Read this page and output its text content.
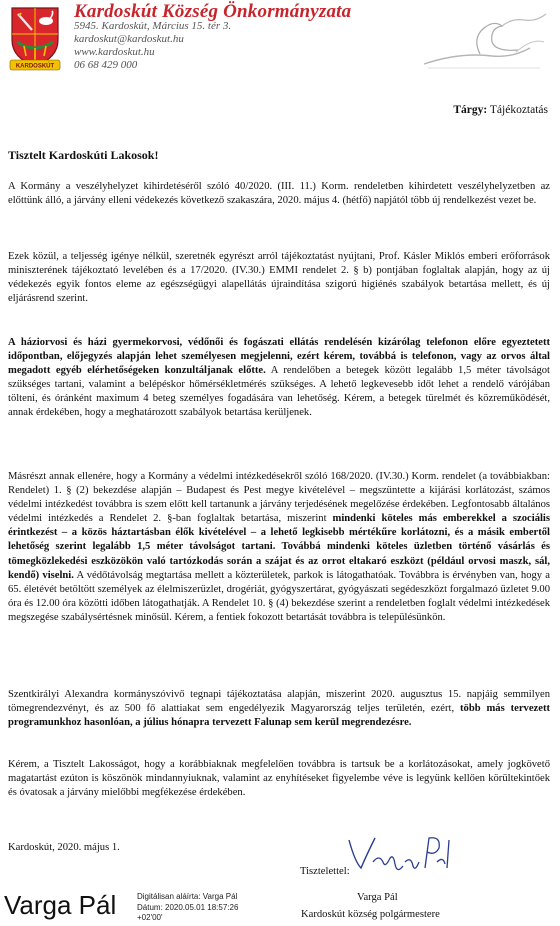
KARDOSKÚT
Kardoskút Község Önkormányzata
5945. Kardoskút, Március 15. tér 3.
kardoskut@kardoskut.hu
www.kardoskut.hu
06 68 429 000
Tárgy: Tájékoztatás
Tisztelt Kardoskúti Lakosok!
A Kormány a veszélyhelyzet kihirdetéséről szóló 40/2020. (III. 11.) Korm. rendeletben kihirdetett veszélyhelyzetben az előttünk álló, a járvány elleni védekezés következő szakaszára, 2020. május 4. (hétfő) napjától több új rendelkezést vezet be.
Ezek közül, a teljesség igénye nélkül, szeretnék egyrészt arról tájékoztatást nyújtani, Prof. Kásler Miklós emberi erőforrások miniszterének tájékoztató levelében és a 17/2020. (IV.30.) EMMI rendelet 2. § b) pontjában foglaltak alapján, hogy az új védekezés egyik fontos eleme az egészségügyi alapellátás újraindítása szigorú higiénés szabályok betartása mellett, és új eljárásrend szerint.
A háziorvosi és házi gyermekorvosi, védőnői és fogászati ellátás rendelésén kizárólag telefonon előre egyeztetett időpontban, előjegyzés alapján lehet személyesen megjelenni, ezért kérem, továbbá is telefonon, vagy az orvos által megadott egyéb elérhetőségeken konzultáljanak előtte. A rendelőben a betegek között legalább 1,5 méter távolságot szükséges tartani, valamint a belépéskor hőmérsékletmérés szükséges. A lehető legkevesebb időt lehet a rendelő várójában tölteni, és óránként maximum 4 beteg személyes fogadására van lehetőség. Kérem, a betegek türelmét és közreműködését, annak érdekében, hogy a meghatározott szabályok betartása kerüljenek.
Másrészt annak ellenére, hogy a Kormány a védelmi intézkedésekről szóló 168/2020. (IV.30.) Korm. rendelet (a továbbiakban: Rendelet) 1. § (2) bekezdése alapján – Budapest és Pest megye kivételével – megszüntette a kijárási korlátozást, számos védelmi intézkedést továbbra is szem előtt kell tartanunk a járvány terjedésének megelőzése érdekében. Legfontosabb általános védelmi intézkedés a Rendelet 2. §-ban foglaltak betartása, miszerint mindenki köteles más emberekkel a szociális érintkezést – a közös háztartásban élők kivételével – a lehető legkisebb mértékűre korlátozni, és a másik embertől lehetőség szerint legalább 1,5 méter távolságot tartani. Továbbá mindenki köteles üzletben történő vásárlás és tömegközlekedési eszközökön való tartózkodás során a szájat és az orrot eltakaró eszközt (például orvosi maszk, sál, kendő) viselni. A védőtávolság megtartása mellett a közterületek, parkok is látogathatóak. Továbbra is érvényben van, hogy a 65. életévét betöltött személyek az élelmiszerüzlet, drogériát, gyógyszertárat, gyógyászati segédeszközt forgalmazó üzletet 9.00 óra és 12.00 óra közötti időben látogathatják. A Rendelet 10. § (4) bekezdése szerint a rendeletben foglalt védelmi intézkedések megszegése szabálysértésnek minősül. Kérem, a fentiek fokozott betartását továbbra is településünkön.
Szentkirályi Alexandra kormányszóvivő tegnapi tájékoztatása alapján, miszerint 2020. augusztus 15. napjáig semmilyen tömegrendezvényt, és az 500 fő alattiakat sem engedélyezik Magyarország teljes területén, ezért, több más tervezett programunkhoz hasonlóan, a július hónapra tervezett Falunap sem kerül megrendezésre.
Kérem, a Tisztelt Lakosságot, hogy a korábbiaknak megfelelően továbbra is tartsuk be a korlátozásokat, amely jogkövető magatartást ezúton is köszönök mindannyiuknak, valamint az enyhítéseket figyelembe véve is legyünk kellően körültekintőek és óvatosak a járvány mielőbbi megfékezése érdekében.
Kardoskút, 2020. május 1.
Tisztelettel:
Varga Pál
Kardoskút község polgármestere
Varga Pál	Digitálisan aláírta: Varga Pál
Dátum: 2020.05.01 18:57:26
+02'00'
